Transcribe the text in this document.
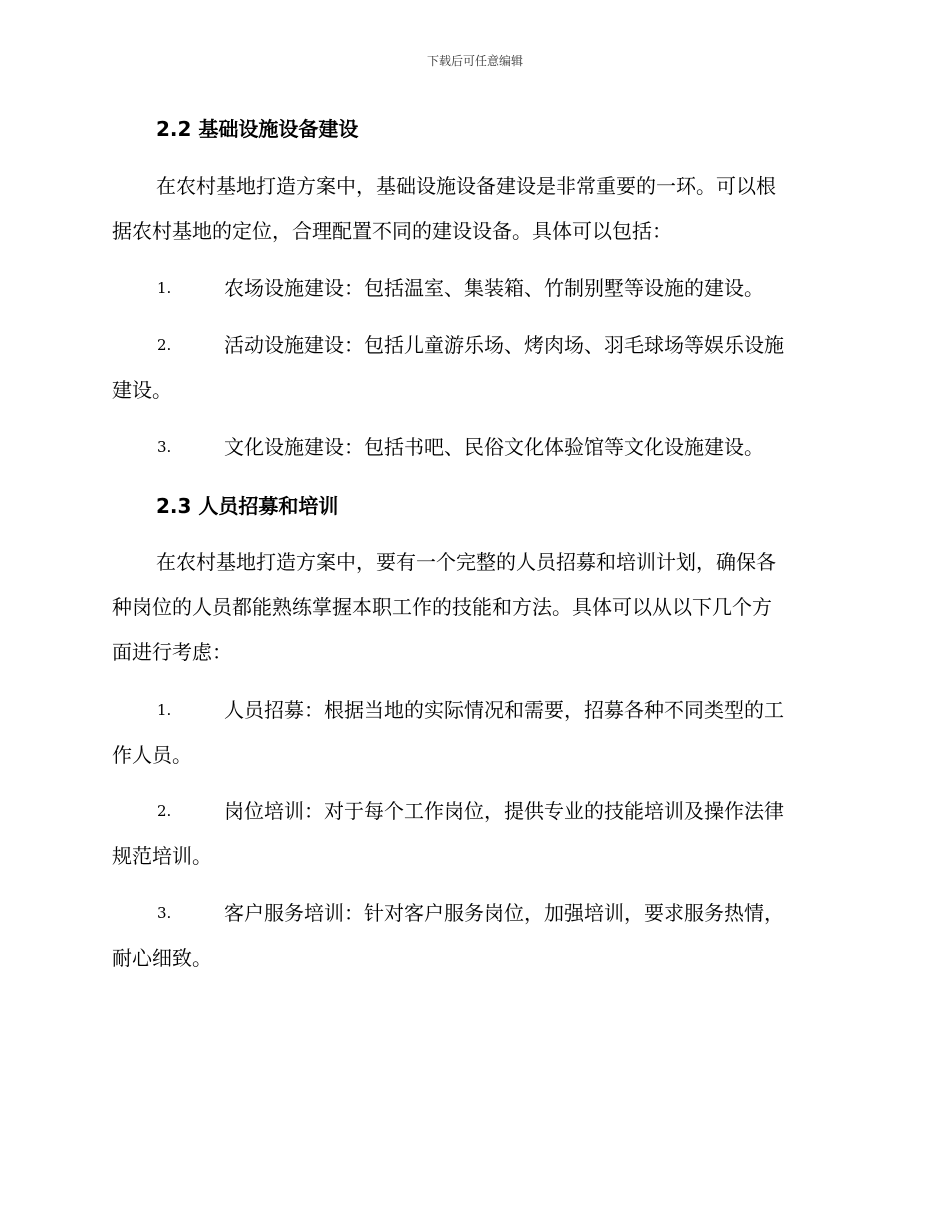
下载后可任意编辑
2.2 基础设施设备建设
在农村基地打造方案中，基础设施设备建设是非常重要的一环。可以根
据农村基地的定位，合理配置不同的建设设备。具体可以包括：
1.	农场设施建设：包括温室、集装箱、竹制别墅等设施的建设。
2.	活动设施建设：包括儿童游乐场、烤肉场、羽毛球场等娱乐设施
建设。
3.	文化设施建设：包括书吧、民俗文化体验馆等文化设施建设。
2.3 人员招募和培训
在农村基地打造方案中，要有一个完整的人员招募和培训计划，确保各
种岗位的人员都能熟练掌握本职工作的技能和方法。具体可以从以下几个方
面进行考虑：
1.	人员招募：根据当地的实际情况和需要，招募各种不同类型的工
作人员。
2.	岗位培训：对于每个工作岗位，提供专业的技能培训及操作法律
规范培训。
3.	客户服务培训：针对客户服务岗位，加强培训，要求服务热情，
耐心细致。
